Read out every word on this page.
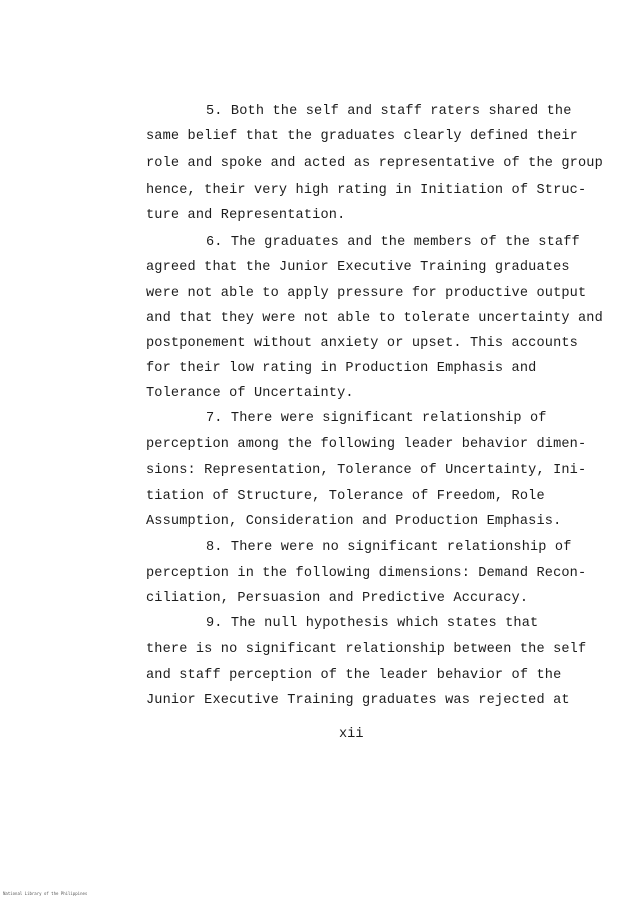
5. Both the self and staff raters shared the
same belief that the graduates clearly defined their
role and spoke and acted as representative of the group
hence, their very high rating in Initiation of Struc-
ture and Representation.
6. The graduates and the members of the staff
agreed that the Junior Executive Training graduates
were not able to apply pressure for productive output
and that they were not able to tolerate uncertainty and
postponement without anxiety or upset. This accounts
for their low rating in Production Emphasis and
Tolerance of Uncertainty.
7. There were significant relationship of
perception among the following leader behavior dimen-
sions: Representation, Tolerance of Uncertainty, Ini-
tiation of Structure, Tolerance of Freedom, Role
Assumption, Consideration and Production Emphasis.
8. There were no significant relationship of
perception in the following dimensions: Demand Recon-
ciliation, Persuasion and Predictive Accuracy.
9. The null hypothesis which states that
there is no significant relationship between the self
and staff perception of the leader behavior of the
Junior Executive Training graduates was rejected at
xii
National Library of the Philippines
